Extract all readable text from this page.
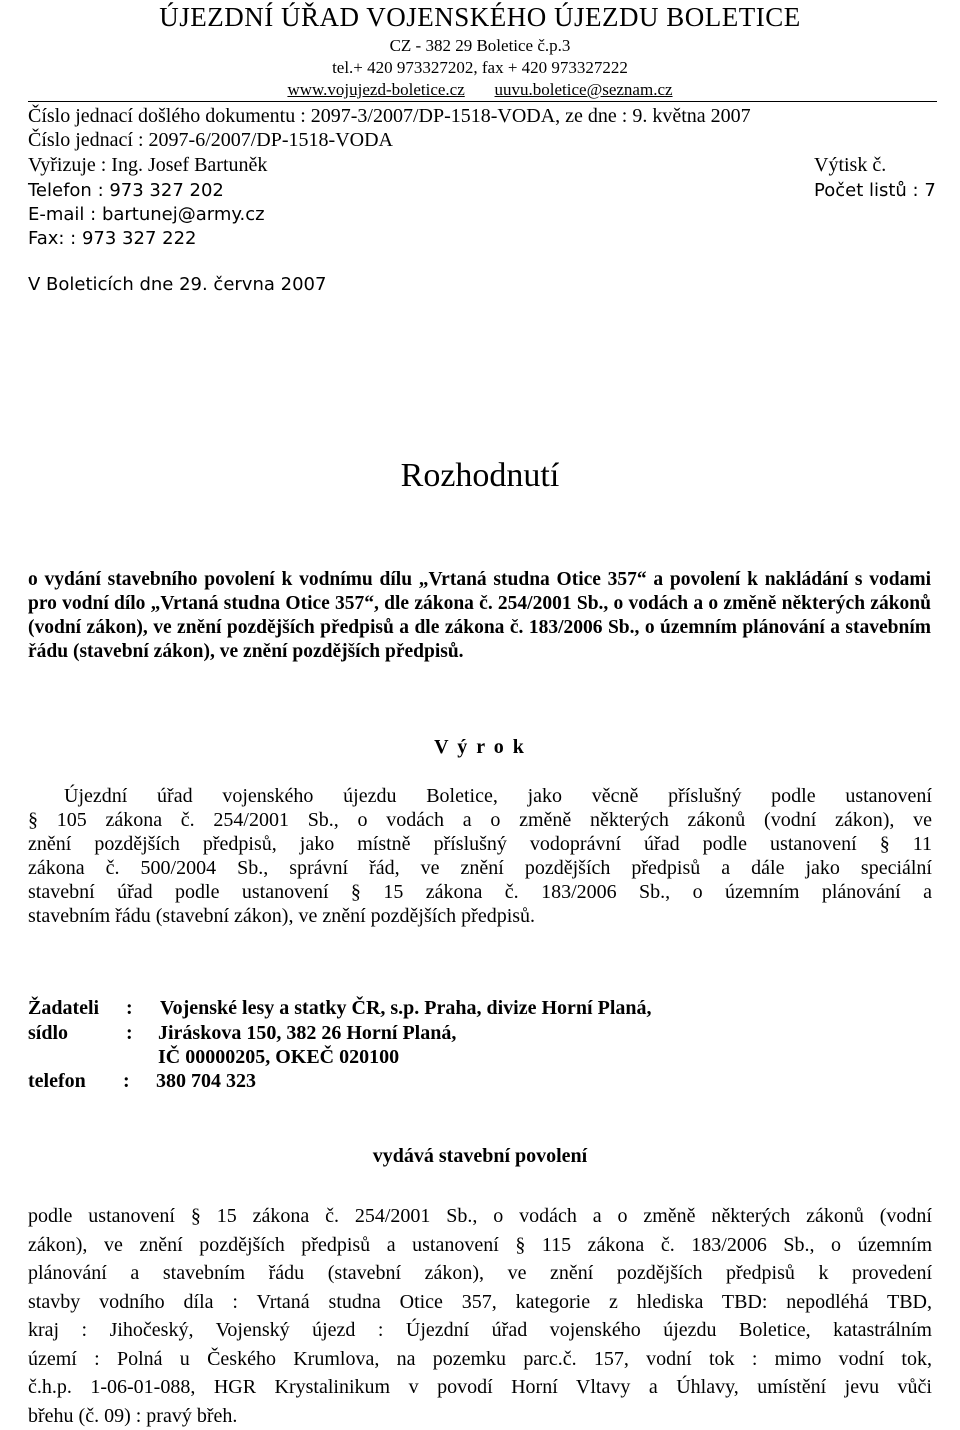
ÚJEZDNÍ ÚŘAD VOJENSKÉHO ÚJEZDU BOLETICE
CZ - 382 29 Boletice č.p.3
tel.+ 420 973327202, fax + 420 973327222
www.vojujezd-boletice.cz uuvu.boletice@seznam.cz
Číslo jednací došlého dokumentu : 2097-3/2007/DP-1518-VODA, ze dne : 9. května 2007
Číslo jednací : 2097-6/2007/DP-1518-VODA
Vyřizuje : Ing. Josef Bartuněk	Výtisk č.
Telefon : 973 327 202	Počet listů : 7
E-mail : bartunej@army.cz
Fax: : 973 327 222
V Boleticích dne 29. června 2007
Rozhodnutí
o vydání stavebního povolení k vodnímu dílu „Vrtaná studna Otice 357“ a povolení k nakládání s vodami pro vodní dílo „Vrtaná studna Otice 357“, dle zákona č. 254/2001 Sb., o vodách a o změně některých zákonů (vodní zákon), ve znění pozdějších předpisů a dle zákona č. 183/2006 Sb., o územním plánování a stavebním řádu (stavební zákon), ve znění pozdějších předpisů.
V ý r o k
Újezdní úřad vojenského újezdu Boletice, jako věcně příslušný podle ustanovení
§ 105 zákona č. 254/2001 Sb., o vodách a o změně některých zákonů (vodní zákon), ve
znění pozdějších předpisů, jako místně příslušný vodoprávní úřad podle ustanovení § 11
zákona č. 500/2004 Sb., správní řád, ve znění pozdějších předpisů a dále jako speciální
stavební úřad podle ustanovení § 15 zákona č. 183/2006 Sb., o územním plánování a
stavebním řádu (stavební zákon), ve znění pozdějších předpisů.
Žadateli : Vojenské lesy a statky ČR, s.p. Praha, divize Horní Planá,
sídlo	: Jiráskova 150, 382 26 Horní Planá,
IČ 00000205, OKEČ 020100
telefon : 380 704 323
vydává stavební povolení
podle ustanovení § 15 zákona č. 254/2001 Sb., o vodách a o změně některých zákonů (vodní
zákon), ve znění pozdějších předpisů a ustanovení § 115 zákona č. 183/2006 Sb., o územním
plánování a stavebním řádu (stavební zákon), ve znění pozdějších předpisů k provedení
stavby vodního díla : Vrtaná studna Otice 357, kategorie z hlediska TBD: nepodléhá TBD,
kraj : Jihočeský, Vojenský újezd : Újezdní úřad vojenského újezdu Boletice, katastrálním
území : Polná u Českého Krumlova, na pozemku parc.č. 157, vodní tok : mimo vodní tok,
č.h.p. 1-06-01-088, HGR Krystalinikum v povodí Horní Vltavy a Úhlavy, umístění jevu vůči
břehu (č. 09) : pravý břeh.
